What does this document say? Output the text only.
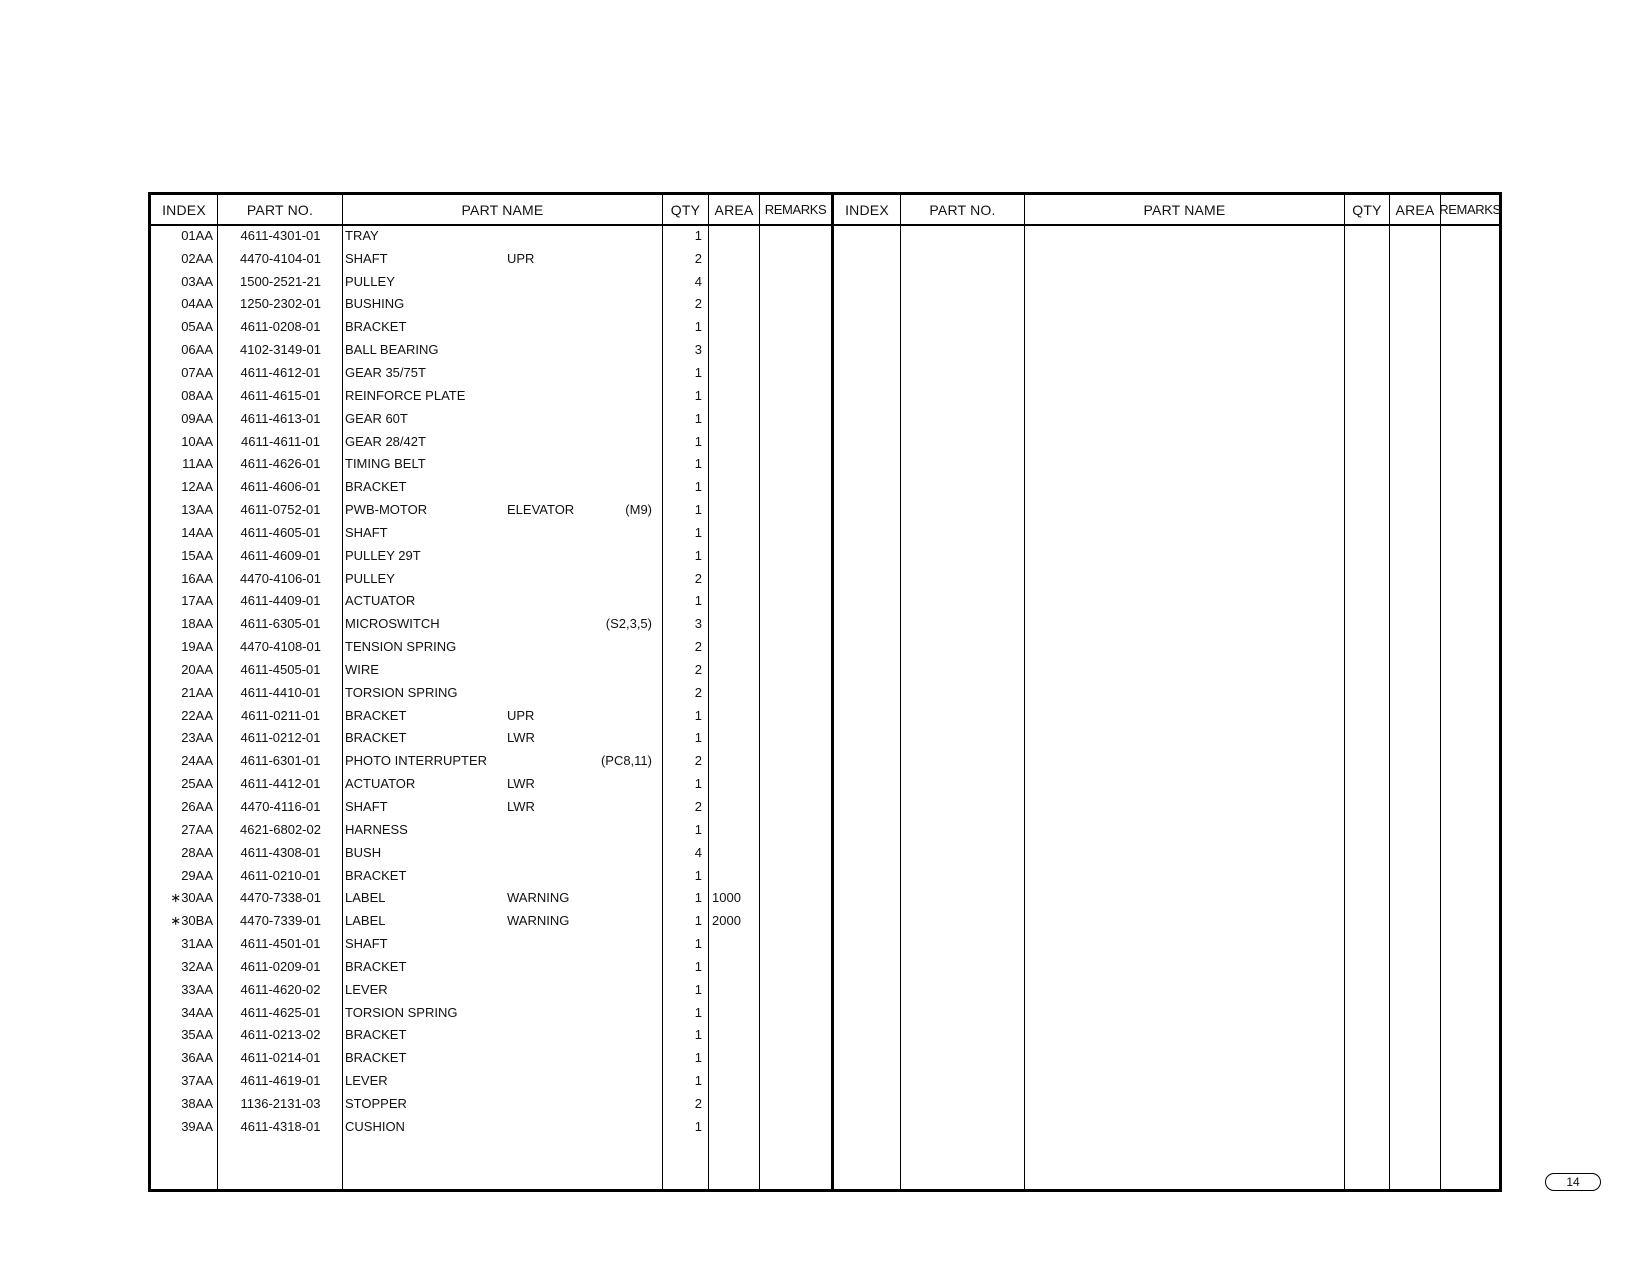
INDEX	PART NO.	PART NAME	QTY	AREA REMARKS	INDEX	PART NO.	PART NAME	QTY AREA REMARKS
01AA	4611-4301-01	TRAY	1
02AA	4470-4104-01	SHAFT	UPR	2
03AA	1500-2521-21	PULLEY	4
04AA	1250-2302-01	BUSHING	2
05AA	4611-0208-01	BRACKET	1
06AA	4102-3149-01	BALL BEARING	3
07AA	4611-4612-01	GEAR 35/75T	1
08AA	4611-4615-01	REINFORCE PLATE	1
09AA	4611-4613-01	GEAR 60T	1
10AA	4611-4611-01	GEAR 28/42T	1
11AA	4611-4626-01	TIMING BELT	1
12AA	4611-4606-01	BRACKET	1
13AA	4611-0752-01	PWB-MOTOR	ELEVATOR	(M9)	1
14AA	4611-4605-01	SHAFT	1
15AA	4611-4609-01	PULLEY 29T	1
16AA	4470-4106-01	PULLEY	2
17AA	4611-4409-01	ACTUATOR	1
18AA	4611-6305-01	MICROSWITCH	(S2,3,5)	3
19AA	4470-4108-01	TENSION SPRING	2
20AA	4611-4505-01	WIRE	2
21AA	4611-4410-01	TORSION SPRING	2
22AA	4611-0211-01	BRACKET	UPR	1
23AA	4611-0212-01	BRACKET	LWR	1
24AA	4611-6301-01	PHOTO INTERRUPTER	(PC8,11)	2
25AA	4611-4412-01	ACTUATOR	LWR	1
26AA	4470-4116-01	SHAFT	LWR	2
27AA	4621-6802-02	HARNESS	1
28AA	4611-4308-01	BUSH	4
29AA	4611-0210-01	BRACKET	1
∗30AA	4470-7338-01	LABEL	WARNING	1 1000
∗30BA	4470-7339-01	LABEL	WARNING	1 2000
31AA	4611-4501-01	SHAFT	1
32AA	4611-0209-01	BRACKET	1
33AA	4611-4620-02	LEVER	1
34AA	4611-4625-01	TORSION SPRING	1
35AA	4611-0213-02	BRACKET	1
36AA	4611-0214-01	BRACKET	1
37AA	4611-4619-01	LEVER	1
38AA	1136-2131-03	STOPPER	2
39AA	4611-4318-01	CUSHION	1
14
